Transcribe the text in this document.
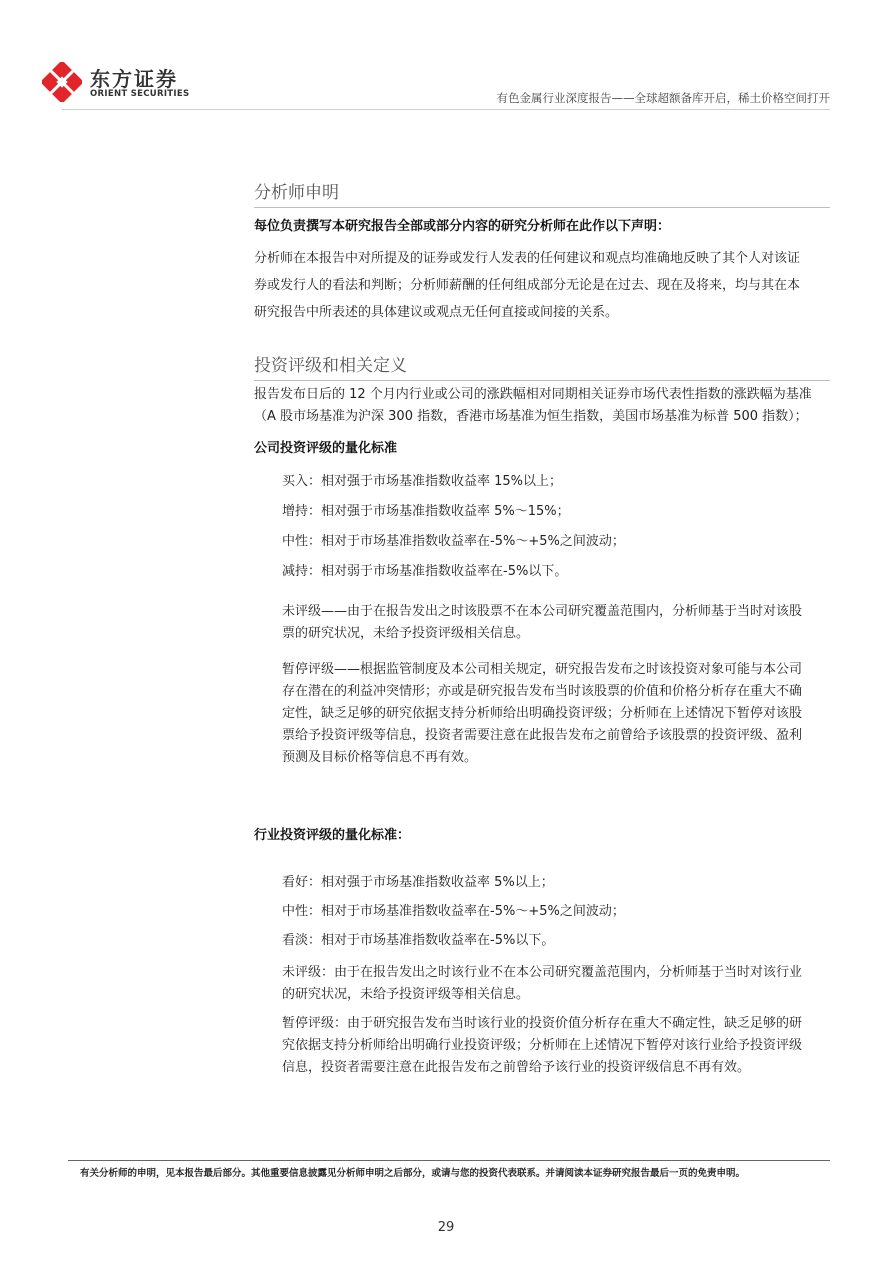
东方证券
ORIENT SECURITIES	有色金属行业深度报告——全球超额备库开启，稀土价格空间打开
分析师申明
每位负责撰写本研究报告全部或部分内容的研究分析师在此作以下声明：
分析师在本报告中对所提及的证券或发行人发表的任何建议和观点均准确地反映了其个人对该证
券或发行人的看法和判断；分析师薪酬的任何组成部分无论是在过去、现在及将来，均与其在本
研究报告中所表述的具体建议或观点无任何直接或间接的关系。
投资评级和相关定义
报告发布日后的 12 个月内行业或公司的涨跌幅相对同期相关证券市场代表性指数的涨跌幅为基准
（A 股市场基准为沪深 300 指数，香港市场基准为恒生指数，美国市场基准为标普 500 指数）；
公司投资评级的量化标准
买入：相对强于市场基准指数收益率 15%以上；
增持：相对强于市场基准指数收益率 5%～15%；
中性：相对于市场基准指数收益率在-5%～+5%之间波动；
减持：相对弱于市场基准指数收益率在-5%以下。
未评级——由于在报告发出之时该股票不在本公司研究覆盖范围内，分析师基于当时对该股
票的研究状况，未给予投资评级相关信息。
暂停评级——根据监管制度及本公司相关规定，研究报告发布之时该投资对象可能与本公司
存在潜在的利益冲突情形；亦或是研究报告发布当时该股票的价值和价格分析存在重大不确
定性，缺乏足够的研究依据支持分析师给出明确投资评级；分析师在上述情况下暂停对该股
票给予投资评级等信息，投资者需要注意在此报告发布之前曾给予该股票的投资评级、盈利
预测及目标价格等信息不再有效。
行业投资评级的量化标准：
看好：相对强于市场基准指数收益率 5%以上；
中性：相对于市场基准指数收益率在-5%～+5%之间波动；
看淡：相对于市场基准指数收益率在-5%以下。
未评级：由于在报告发出之时该行业不在本公司研究覆盖范围内，分析师基于当时对该行业
的研究状况，未给予投资评级等相关信息。
暂停评级：由于研究报告发布当时该行业的投资价值分析存在重大不确定性，缺乏足够的研
究依据支持分析师给出明确行业投资评级；分析师在上述情况下暂停对该行业给予投资评级
信息，投资者需要注意在此报告发布之前曾给予该行业的投资评级信息不再有效。
有关分析师的申明，见本报告最后部分。其他重要信息披露见分析师申明之后部分，或请与您的投资代表联系。并请阅读本证券研究报告最后一页的免责申明。
29
